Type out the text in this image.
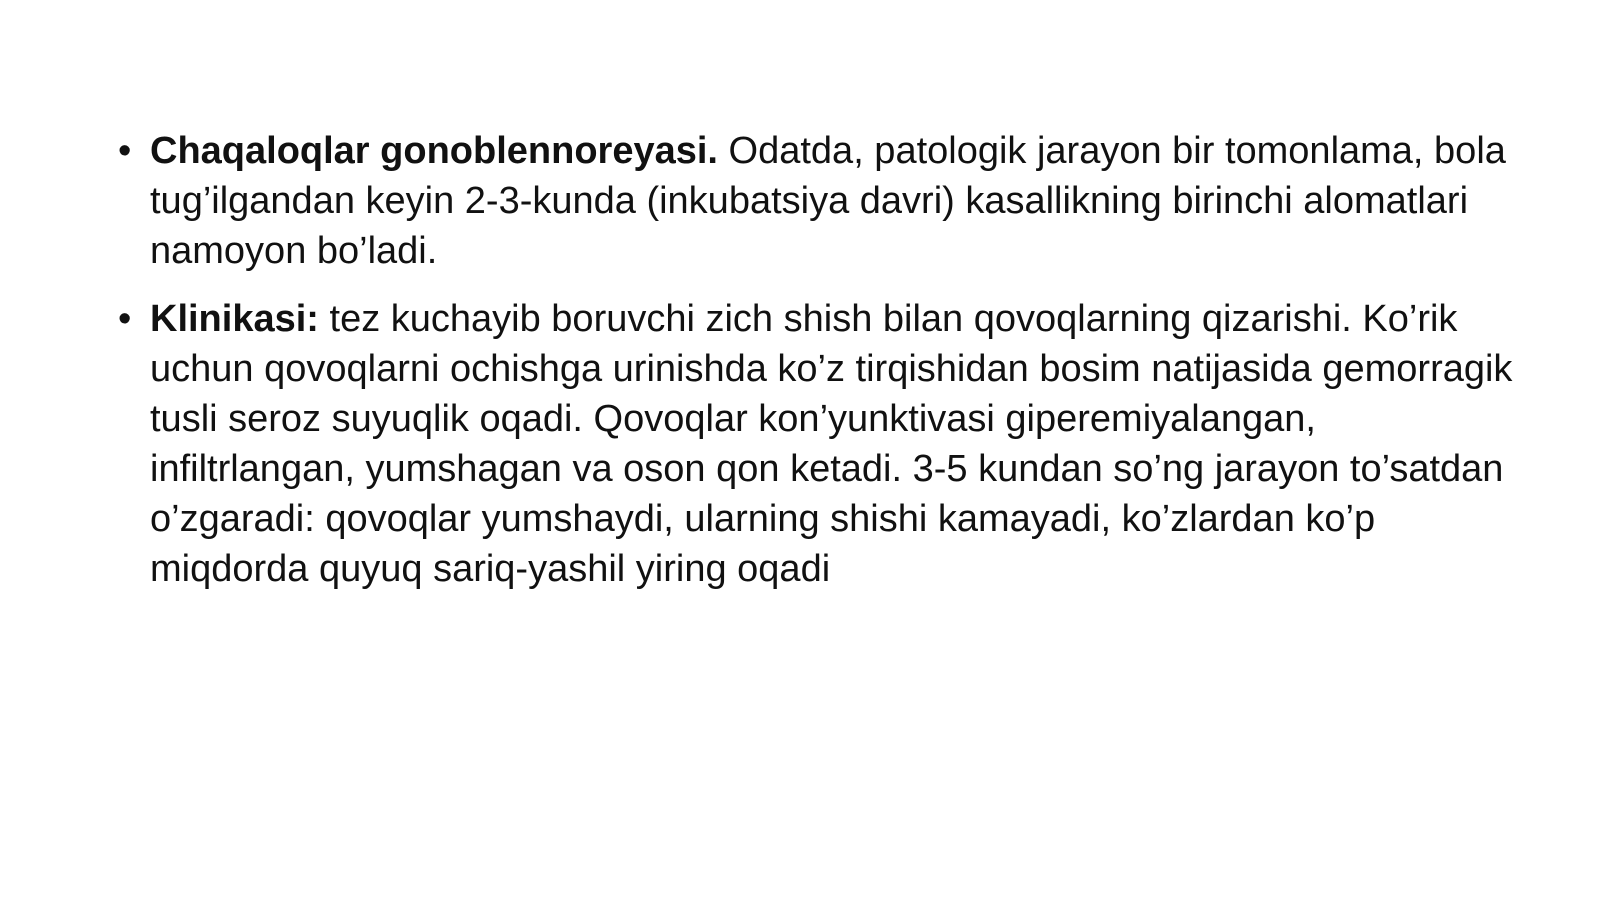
• Chaqaloqlar gonoblennoreyasi. Odatda, patologik jarayon bir tomonlama, bola tug’ilgandan keyin 2-3-kunda (inkubatsiya davri) kasallikning birinchi alomatlari namoyon bo’ladi.
• Klinikasi: tez kuchayib boruvchi zich shish bilan qovoqlarning qizarishi. Ko’rik uchun qovoqlarni ochishga urinishda ko’z tirqishidan bosim natijasida gemorragik tusli seroz suyuqlik oqadi. Qovoqlar kon’yunktivasi giperemiyalangan, infiltrlangan, yumshagan va oson qon ketadi. 3-5 kundan so’ng jarayon to’satdan o’zgaradi: qovoqlar yumshaydi, ularning shishi kamayadi, ko’zlardan ko’p miqdorda quyuq sariq-yashil yiring oqadi
